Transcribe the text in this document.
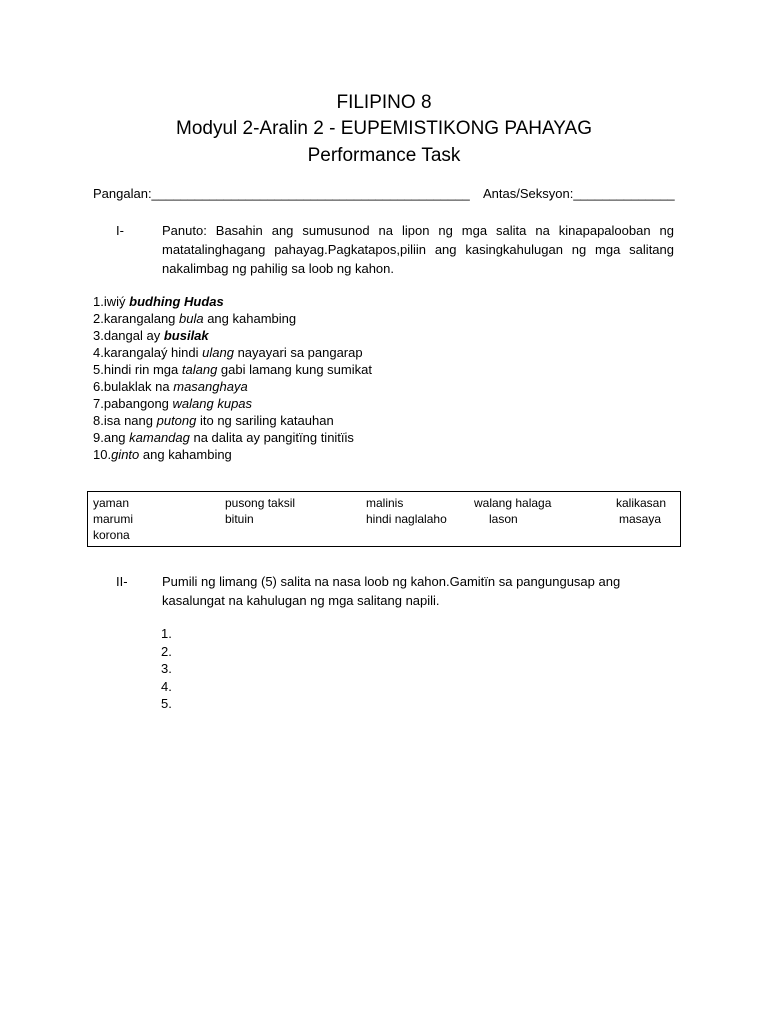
FILIPINO 8
Modyul 2-Aralin 2 - EUPEMISTIKONG PAHAYAG
Performance Task
Pangalan:____________________________________________ Antas/Seksyon:______________
I-	Panuto: Basahin ang sumusunod na lipon ng mga salita na kinapapalooban ng matatalinghagang pahayag.Pagkatapos,piliin ang kasingkahulugan ng mga salitang nakalimbag ng pahilig sa loob ng kahon.
1.iwiý budhing Hudas
2.karangalang bula ang kahambing
3.dangal ay busilak
4.karangalaý hindi ulang nayayari sa pangarap
5.hindi rin mga talang gabi lamang kung sumikat
6.bulaklak na masanghaya
7.pabangong walang kupas
8.isa nang putong ito ng sariling katauhan
9.ang kamandag na dalita ay pangitïng tinitïis
10.ginto ang kahambing
yaman	pusong taksil	malinis	walang halaga	kalikasan
marumi	bituin	hindi naglalaho	lason	masaya
korona
II-	Pumili ng limang (5) salita na nasa loob ng kahon.Gamitïn sa pangungusap ang kasalungat na kahulugan ng mga salitang napili.
1.
2.
3.
4.
5.
